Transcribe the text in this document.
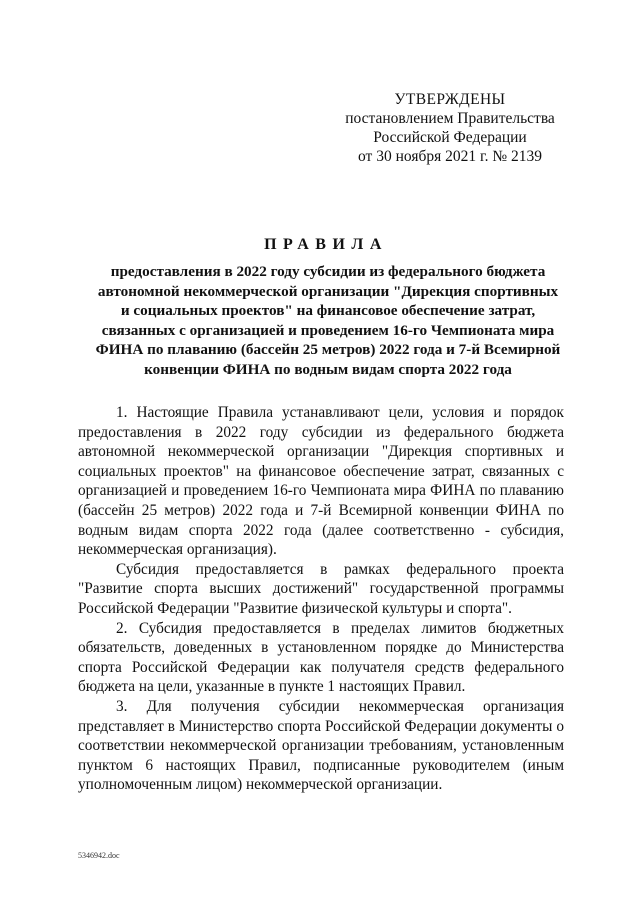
УТВЕРЖДЕНЫ
постановлением Правительства
Российской Федерации
от 30 ноября 2021 г. № 2139
ПРАВИЛА
предоставления в 2022 году субсидии из федерального бюджета
автономной некоммерческой организации "Дирекция спортивных
и социальных проектов" на финансовое обеспечение затрат,
связанных с организацией и проведением 16-го Чемпионата мира
ФИНА по плаванию (бассейн 25 метров) 2022 года и 7-й Всемирной
конвенции ФИНА по водным видам спорта 2022 года

1. Настоящие Правила устанавливают цели, условия и порядок предоставления в 2022 году субсидии из федерального бюджета автономной некоммерческой организации "Дирекция спортивных и социальных проектов" на финансовое обеспечение затрат, связанных с организацией и проведением 16-го Чемпионата мира ФИНА по плаванию (бассейн 25 метров) 2022 года и 7-й Всемирной конвенции ФИНА по водным видам спорта 2022 года (далее соответственно - субсидия, некоммерческая организация).

Субсидия предоставляется в рамках федерального проекта "Развитие спорта высших достижений" государственной программы Российской Федерации "Развитие физической культуры и спорта".

2. Субсидия предоставляется в пределах лимитов бюджетных обязательств, доведенных в установленном порядке до Министерства спорта Российской Федерации как получателя средств федерального бюджета на цели, указанные в пункте 1 настоящих Правил.

3. Для получения субсидии некоммерческая организация представляет в Министерство спорта Российской Федерации документы о соответствии некоммерческой организации требованиям, установленным пунктом 6 настоящих Правил, подписанные руководителем (иным уполномоченным лицом) некоммерческой организации.

5346942.doc
